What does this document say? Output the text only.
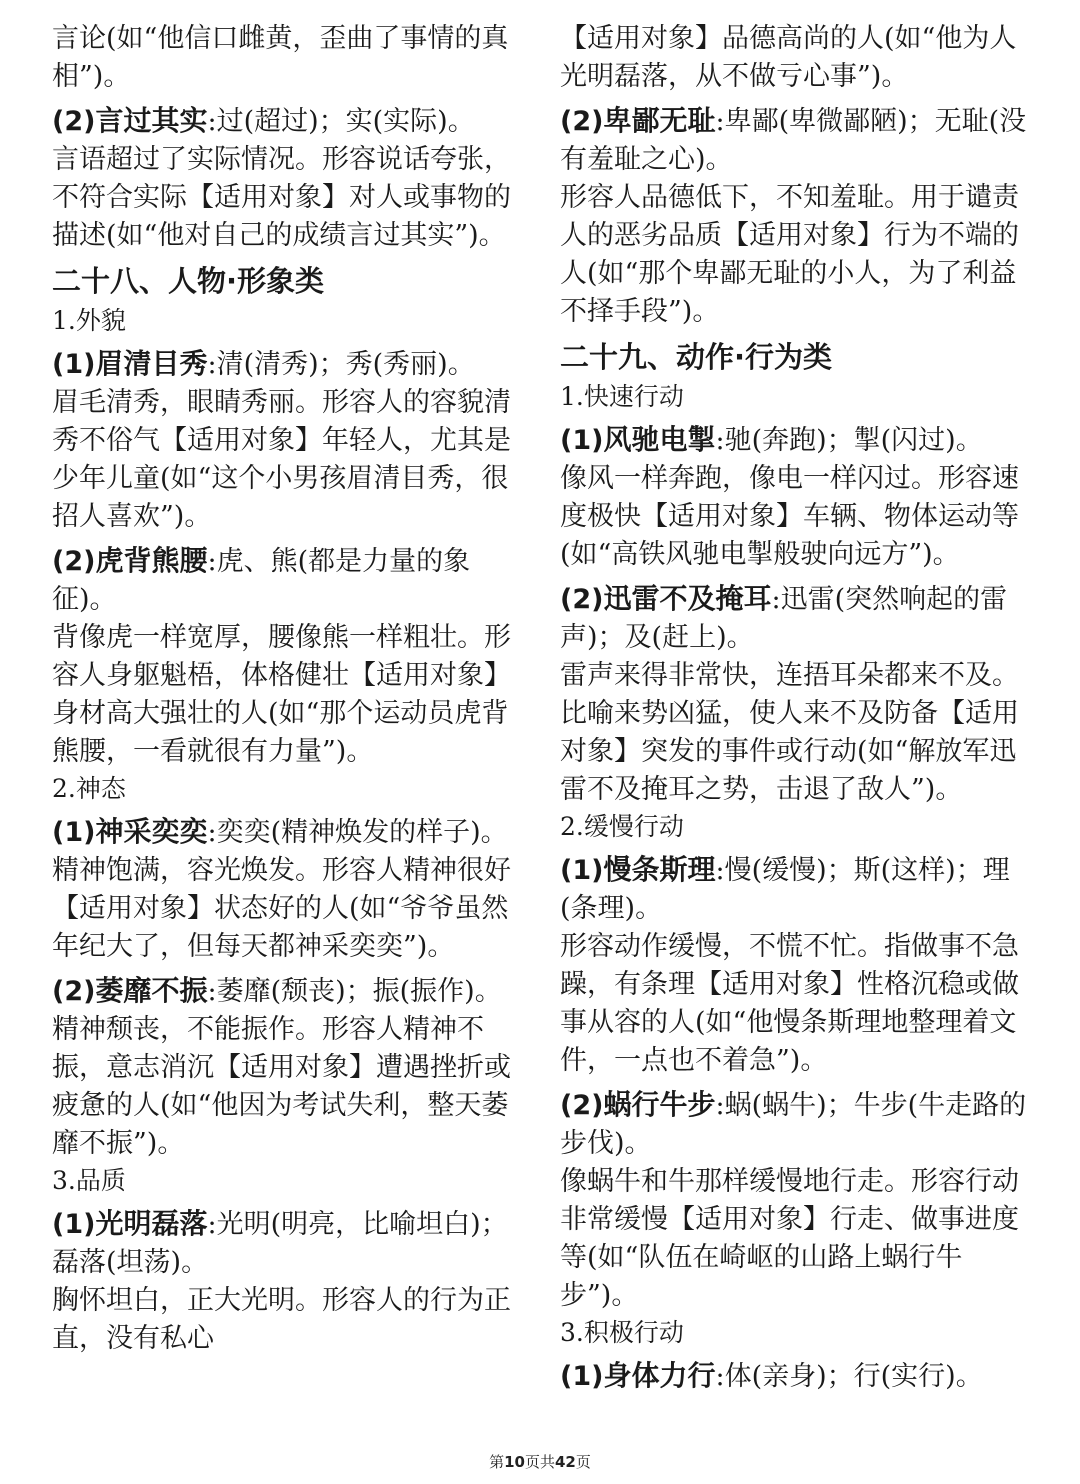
言论(如“他信口雌黄，歪曲了事情的真相”)。

(2)言过其实:过(超过)；实(实际)。
言语超过了实际情况。形容说话夸张，不符合实际【适用对象】对人或事物的描述(如“他对自己的成绩言过其实”)。
二十八、人物·形象类
1.外貌
(1)眉清目秀:清(清秀)；秀(秀丽)。
眉毛清秀，眼睛秀丽。形容人的容貌清秀不俗气【适用对象】年轻人，尤其是少年儿童(如“这个小男孩眉清目秀，很招人喜欢”)。
(2)虎背熊腰:虎、熊(都是力量的象征)。
背像虎一样宽厚，腰像熊一样粗壮。形容人身躯魁梧，体格健壮【适用对象】身材高大强壮的人(如“那个运动员虎背熊腰，一看就很有力量”)。
2.神态
(1)神采奕奕:奕奕(精神焕发的样子)。
精神饱满，容光焕发。形容人精神很好【适用对象】状态好的人(如“爷爷虽然年纪大了，但每天都神采奕奕”)。
(2)萎靡不振:萎靡(颓丧)；振(振作)。
精神颓丧，不能振作。形容人精神不振，意志消沉【适用对象】遭遇挫折或疲惫的人(如“他因为考试失利，整天萎靡不振”)。
3.品质
(1)光明磊落:光明(明亮，比喻坦白)；磊落(坦荡)。
胸怀坦白，正大光明。形容人的行为正直，没有私心

【适用对象】品德高尚的人(如“他为人光明磊落，从不做亏心事”)。

(2)卑鄙无耻:卑鄙(卑微鄙陋)；无耻(没有羞耻之心)。
形容人品德低下，不知羞耻。用于谴责人的恶劣品质【适用对象】行为不端的人(如“那个卑鄙无耻的小人，为了利益不择手段”)。
二十九、动作·行为类
1.快速行动
(1)风驰电掣:驰(奔跑)；掣(闪过)。
像风一样奔跑，像电一样闪过。形容速度极快【适用对象】车辆、物体运动等(如“高铁风驰电掣般驶向远方”)。
(2)迅雷不及掩耳:迅雷(突然响起的雷声)；及(赶上)。
雷声来得非常快，连捂耳朵都来不及。比喻来势凶猛，使人来不及防备【适用对象】突发的事件或行动(如“解放军迅雷不及掩耳之势，击退了敌人”)。
2.缓慢行动
(1)慢条斯理:慢(缓慢)；斯(这样)；理(条理)。
形容动作缓慢，不慌不忙。指做事不急躁，有条理【适用对象】性格沉稳或做事从容的人(如“他慢条斯理地整理着文件，一点也不着急”)。
(2)蜗行牛步:蜗(蜗牛)；牛步(牛走路的步伐)。
像蜗牛和牛那样缓慢地行走。形容行动非常缓慢【适用对象】行走、做事进度等(如“队伍在崎岖的山路上蜗行牛步”)。
3.积极行动
(1)身体力行:体(亲身)；行(实行)。
第10页共42页
